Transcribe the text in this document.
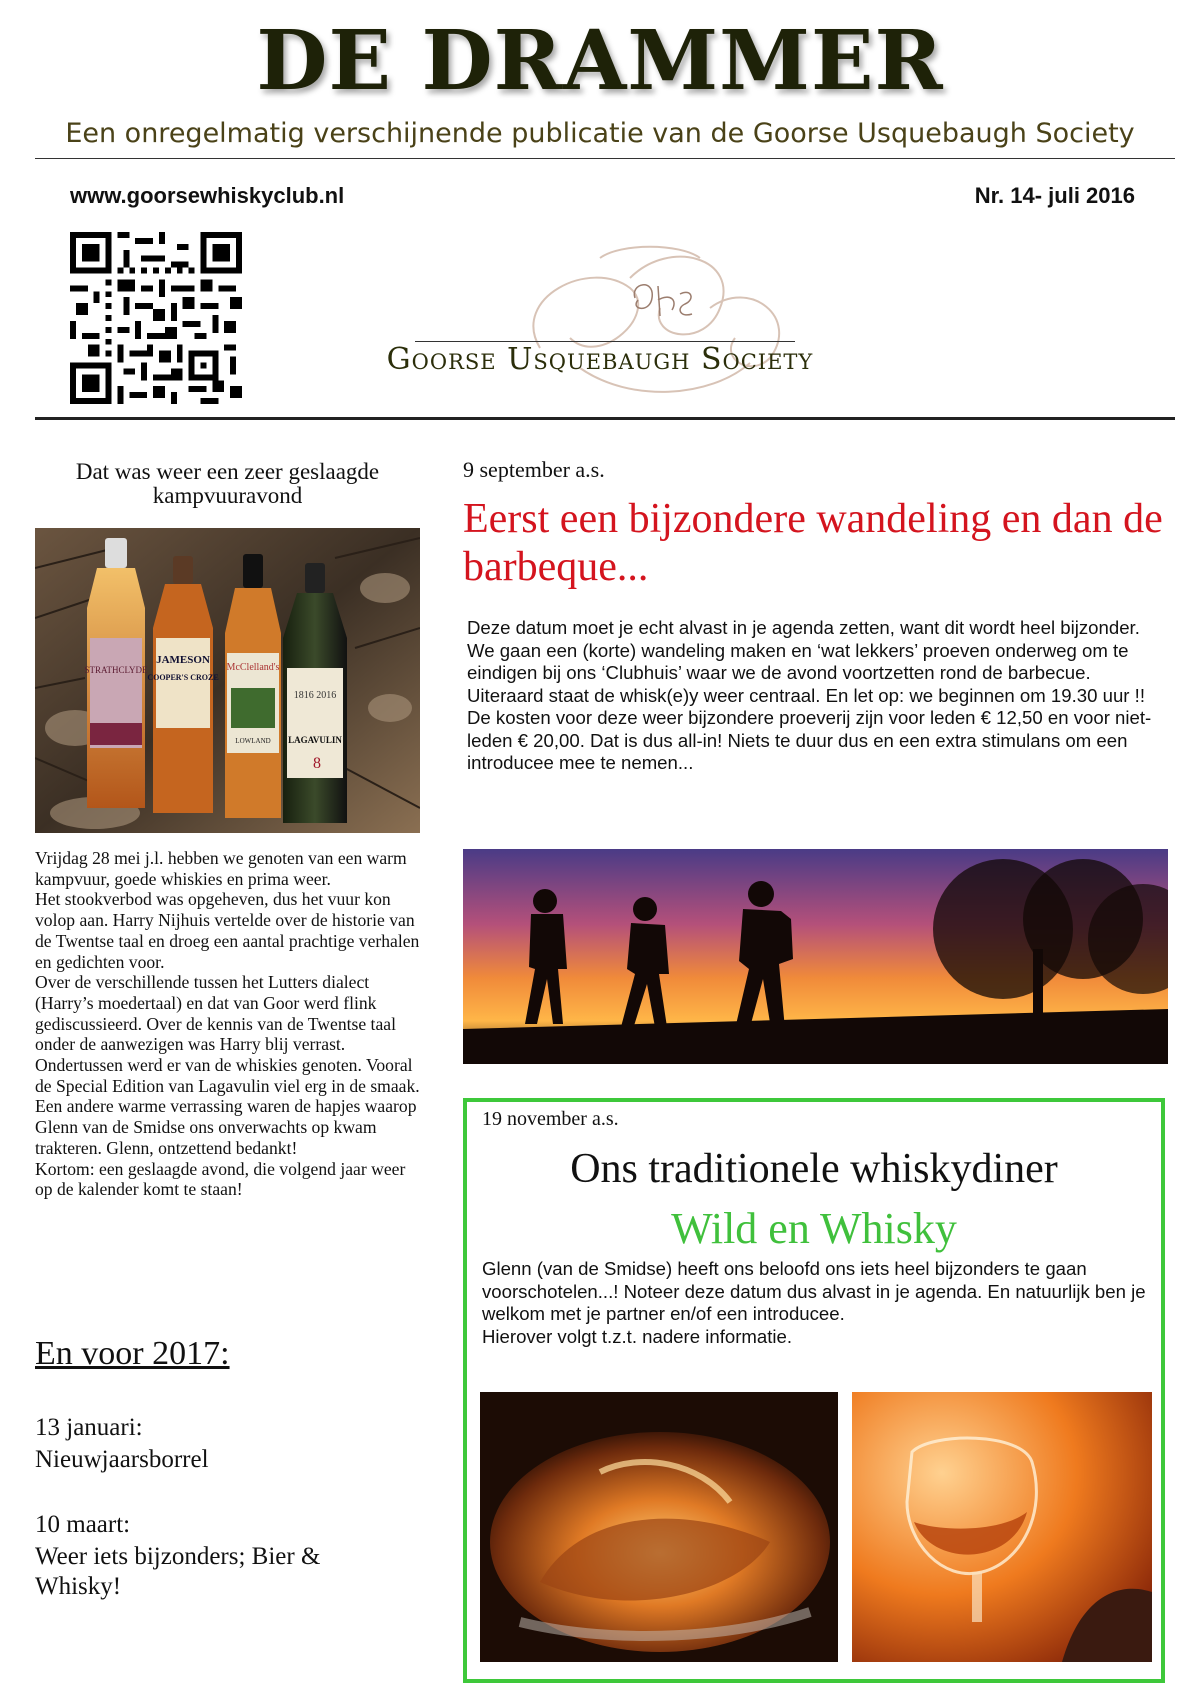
DE DRAMMER
Een onregelmatig verschijnende publicatie van de Goorse Usquebaugh Society
www.goorsewhiskyclub.nl	Nr. 14- juli 2016
Goorse Usquebaugh Society
Dat was weer een zeer geslaagde kampvuuravond
STRATHCLYDE
JAMESON
COOPER'S CROZE
McClelland's
LOWLAND
1816 2016
LAGAVULIN
8

Vrijdag 28 mei j.l. hebben we genoten van een warm kampvuur, goede whiskies en prima weer.

Het stookverbod was opgeheven, dus het vuur kon volop aan. Harry Nijhuis vertelde over de historie van de Twentse taal en droeg een aantal prachtige verhalen en gedichten voor.

Over de verschillende tussen het Lutters dialect (Harry’s moedertaal) en dat van Goor werd flink gediscussieerd. Over de kennis van de Twentse taal onder de aanwezigen was Harry blij verrast. Ondertussen werd er van de whiskies genoten. Vooral de Special Edition van Lagavulin viel erg in de smaak.

Een andere warme verrassing waren de hapjes waarop Glenn van de Smidse ons onverwachts op kwam trakteren. Glenn, ontzettend bedankt!

Kortom: een geslaagde avond, die volgend jaar weer op de kalender komt te staan!

En voor 2017:
13 januari:
Nieuwjaarsborrel
10 maart:
Weer iets bijzonders; Bier & Whisky!
9 september a.s.
Eerst een bijzondere wandeling en dan de barbeque...

Deze datum moet je echt alvast in je agenda zetten, want dit wordt heel bijzonder. We gaan een (korte) wandeling maken en ‘wat lekkers’ proeven onderweg om te eindigen bij ons ‘Clubhuis’ waar we de avond voortzetten rond de barbecue. Uiteraard staat de whisk(e)y weer centraal. En let op: we beginnen om 19.30 uur !!

De kosten voor deze weer bijzondere proeverij zijn voor leden € 12,50 en voor niet-leden € 20,00. Dat is dus all-in! Niets te duur dus en een extra stimulans om een introducee mee te nemen...

19 november a.s.
Ons traditionele whiskydiner
Wild en Whisky

Glenn (van de Smidse) heeft ons beloofd ons iets heel bijzonders te gaan voorschotelen...! Noteer deze datum dus alvast in je agenda. En natuurlijk ben je welkom met je partner en/of een introducee.

Hierover volgt t.z.t. nadere informatie.
